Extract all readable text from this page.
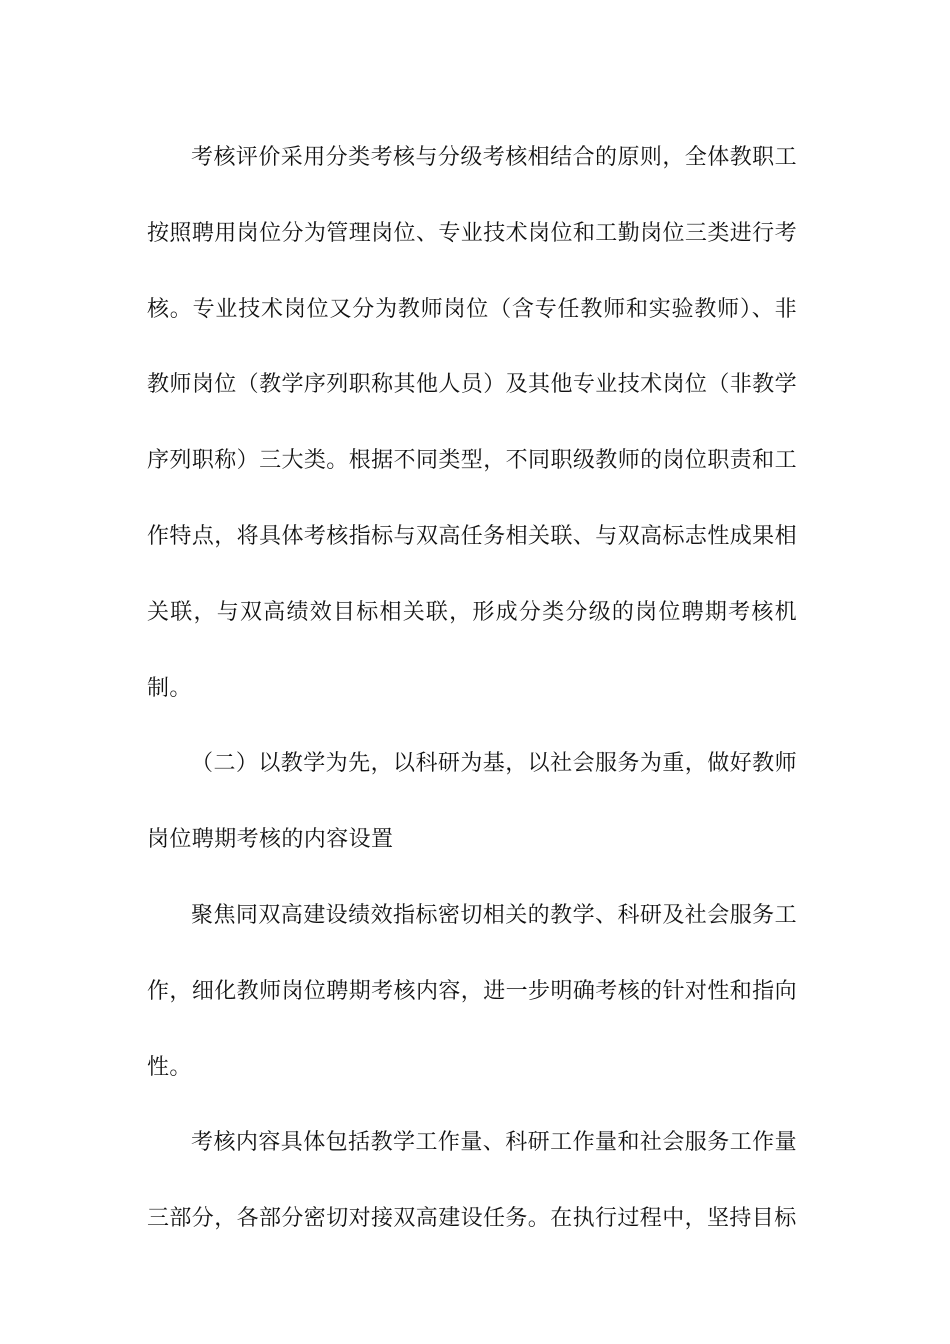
考核评价采用分类考核与分级考核相结合的原则，全体教职工按照聘用岗位分为管理岗位、专业技术岗位和工勤岗位三类进行考核。专业技术岗位又分为教师岗位（含专任教师和实验教师）、非教师岗位（教学序列职称其他人员）及其他专业技术岗位（非教学序列职称）三大类。根据不同类型，不同职级教师的岗位职责和工作特点，将具体考核指标与双高任务相关联、与双高标志性成果相关联，与双高绩效目标相关联，形成分类分级的岗位聘期考核机制。

（二）以教学为先，以科研为基，以社会服务为重，做好教师岗位聘期考核的内容设置

聚焦同双高建设绩效指标密切相关的教学、科研及社会服务工作，细化教师岗位聘期考核内容，进一步明确考核的针对性和指向性。

考核内容具体包括教学工作量、科研工作量和社会服务工作量三部分，各部分密切对接双高建设任务。在执行过程中，坚持目标
